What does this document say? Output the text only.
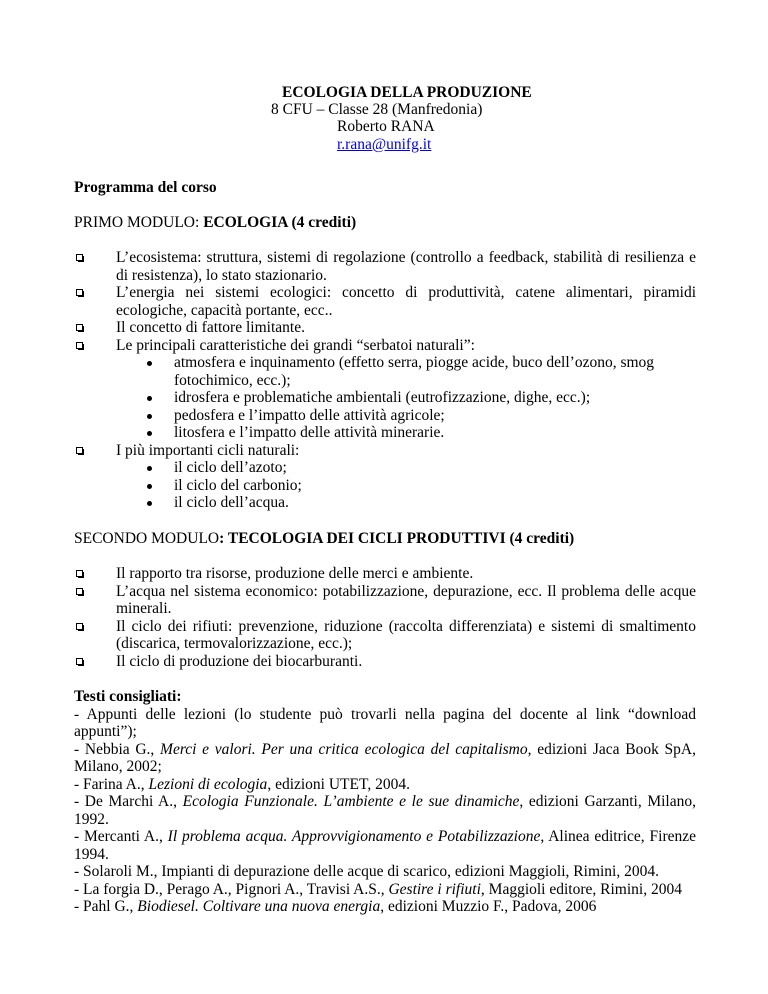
ECOLOGIA DELLA PRODUZIONE
8 CFU – Classe 28 (Manfredonia)
Roberto RANA
r.rana@unifg.it
Programma del corso
PRIMO MODULO: ECOLOGIA (4 crediti)
L’ecosistema: struttura, sistemi di regolazione (controllo a feedback, stabilità di resilienza e di resistenza), lo stato stazionario.
L’energia nei sistemi ecologici: concetto di produttività, catene alimentari, piramidi ecologiche, capacità portante, ecc..
Il concetto di fattore limitante.
Le principali caratteristiche dei grandi “serbatoi naturali”:
atmosfera e inquinamento (effetto serra, piogge acide, buco dell’ozono, smog
fotochimico, ecc.);
idrosfera e problematiche ambientali (eutrofizzazione, dighe, ecc.);
pedosfera e l’impatto delle attività agricole;
litosfera e l’impatto delle attività minerarie.
I più importanti cicli naturali:
il ciclo dell’azoto;
il ciclo del carbonio;
il ciclo dell’acqua.
SECONDO MODULO: TECOLOGIA DEI CICLI PRODUTTIVI (4 crediti)
Il rapporto tra risorse, produzione delle merci e ambiente.
L’acqua nel sistema economico: potabilizzazione, depurazione, ecc. Il problema delle acque minerali.
Il ciclo dei rifiuti: prevenzione, riduzione (raccolta differenziata) e sistemi di smaltimento (discarica, termovalorizzazione, ecc.);
Il ciclo di produzione dei biocarburanti.
Testi consigliati:
- Appunti delle lezioni (lo studente può trovarli nella pagina del docente al link “download appunti”);
- Nebbia G., Merci e valori. Per una critica ecologica del capitalismo, edizioni Jaca Book SpA, Milano, 2002;
- Farina A., Lezioni di ecologia, edizioni UTET, 2004.
- De Marchi A., Ecologia Funzionale. L’ambiente e le sue dinamiche, edizioni Garzanti, Milano, 1992.
- Mercanti A., Il problema acqua. Approvvigionamento e Potabilizzazione, Alinea editrice, Firenze 1994.
- Solaroli M., Impianti di depurazione delle acque di scarico, edizioni Maggioli, Rimini, 2004.
- La forgia D., Perago A., Pignori A., Travisi A.S., Gestire i rifiuti, Maggioli editore, Rimini, 2004
- Pahl G., Biodiesel. Coltivare una nuova energia, edizioni Muzzio F., Padova, 2006
